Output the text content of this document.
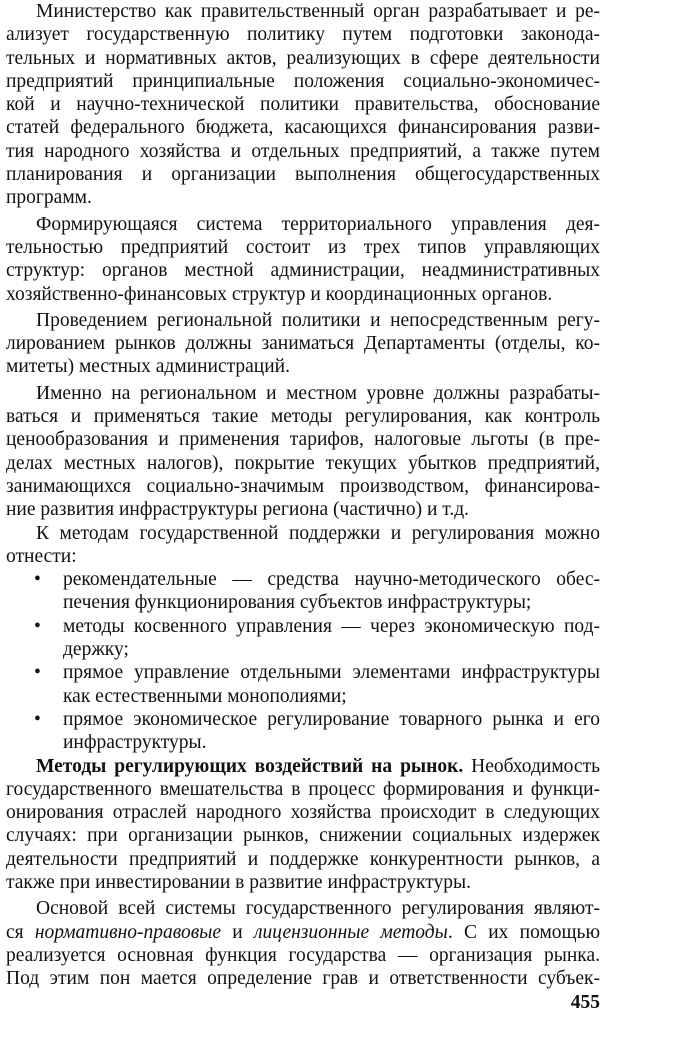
Министерство как правительственный орган разрабатывает и ре-
ализует государственную политику путем подготовки законода-
тельных и нормативных актов, реализующих в сфере деятельности
предприятий принципиальные положения социально-экономичес-
кой и научно-технической политики правительства, обоснование
статей федерального бюджета, касающихся финансирования разви-
тия народного хозяйства и отдельных предприятий, а также путем
планирования и организации выполнения общегосударственных
программ.
Формирующаяся система территориального управления дея-
тельностью предприятий состоит из трех типов управляющих
структур: органов местной администрации, неадминистративных
хозяйственно-финансовых структур и координационных органов.
Проведением региональной политики и непосредственным регу-
лированием рынков должны заниматься Департаменты (отделы, ко-
митеты) местных администраций.
Именно на региональном и местном уровне должны разрабаты-
ваться и применяться такие методы регулирования, как контроль
ценообразования и применения тарифов, налоговые льготы (в пре-
делах местных налогов), покрытие текущих убытков предприятий,
занимающихся социально-значимым производством, финансирова-
ние развития инфраструктуры региона (частично) и т.д.
К методам государственной поддержки и регулирования можно
отнести:
• рекомендательные — средства научно-методического обес-
печения функционирования субъектов инфраструктуры;
• методы косвенного управления — через экономическую под-
держку;
• прямое управление отдельными элементами инфраструктуры
как естественными монополиями;
• прямое экономическое регулирование товарного рынка и его
инфраструктуры.
Методы регулирующих воздействий на рынок. Необходимость
государственного вмешательства в процесс формирования и функци-
онирования отраслей народного хозяйства происходит в следующих
случаях: при организации рынков, снижении социальных издержек
деятельности предприятий и поддержке конкурентности рынков, а
также при инвестировании в развитие инфраструктуры.
Основой всей системы государственного регулирования являют-
ся нормативно-правовые и лицензионные методы. С их помощью
реализуется основная функция государства — организация рынка.
Под этим пон мается определение грав и ответственности субъек-
455
